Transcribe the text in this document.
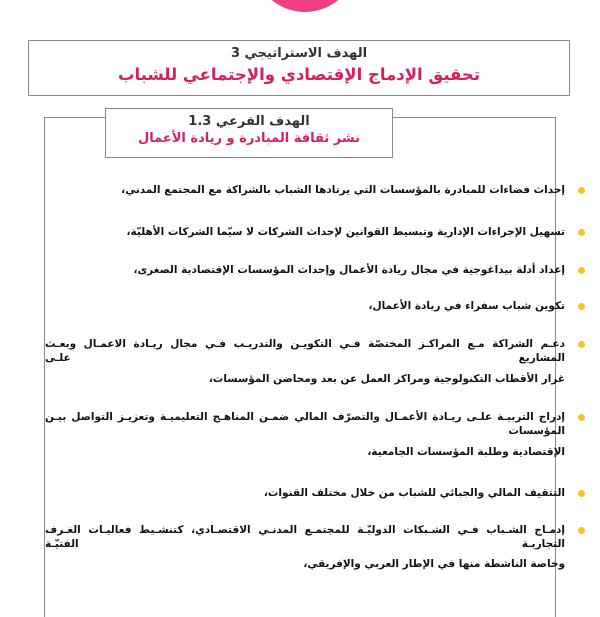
الهدف الاستراتيجي 3
تحقيق الإدماج الإقتصادي والإجتماعي للشباب
الهدف الفرعي 1.3
نشر ثقافة المبادرة و ريادة الأعمال
إحداث فضاءات للمبادرة بالمؤسسات التي يرتادها الشباب بالشراكة مع المجتمع المدني،
تسهيل الإجراءات الإدارية وتبسيط القوانين لإحداث الشركات لا سيّما الشركات الأهليّة،
إعداد أدلة بيداغوجية في مجال ريادة الأعمال وإحداث المؤسسات الإقتصادية الصغرى،
تكوين شباب سفراء في ريادة الأعمال،
دعـم الشراكة مـع المراكـز المختصّة فـي التكويـن والتدريـب فـي مجال ريـادة الاعمـال وبعـث المشاريع علـى
غرار الأقطاب التكنولوجية ومراكز العمل عن بعد ومحاضن المؤسسات،
إدراج التربيـة علـى ريـادة الأعمـال والتصرّف المالي ضمـن المناهـج التعليميـة وتعزيـز التواصل بيـن المؤسسات
الإقتصادية وطلبة المؤسسات الجامعية،
التثقيف المالي والجبائي للشباب من خلال مختلف القنوات،
إدمـاج الشـباب فـي الشـبكات الدوليّـة للمجتمـع المدنـي الاقتصـادي، كتنشـيط فعاليـات الغـرف التجاريـة الفتيّـة
وخاصة الناشطة منها في الإطار العربي والإفريقي،
